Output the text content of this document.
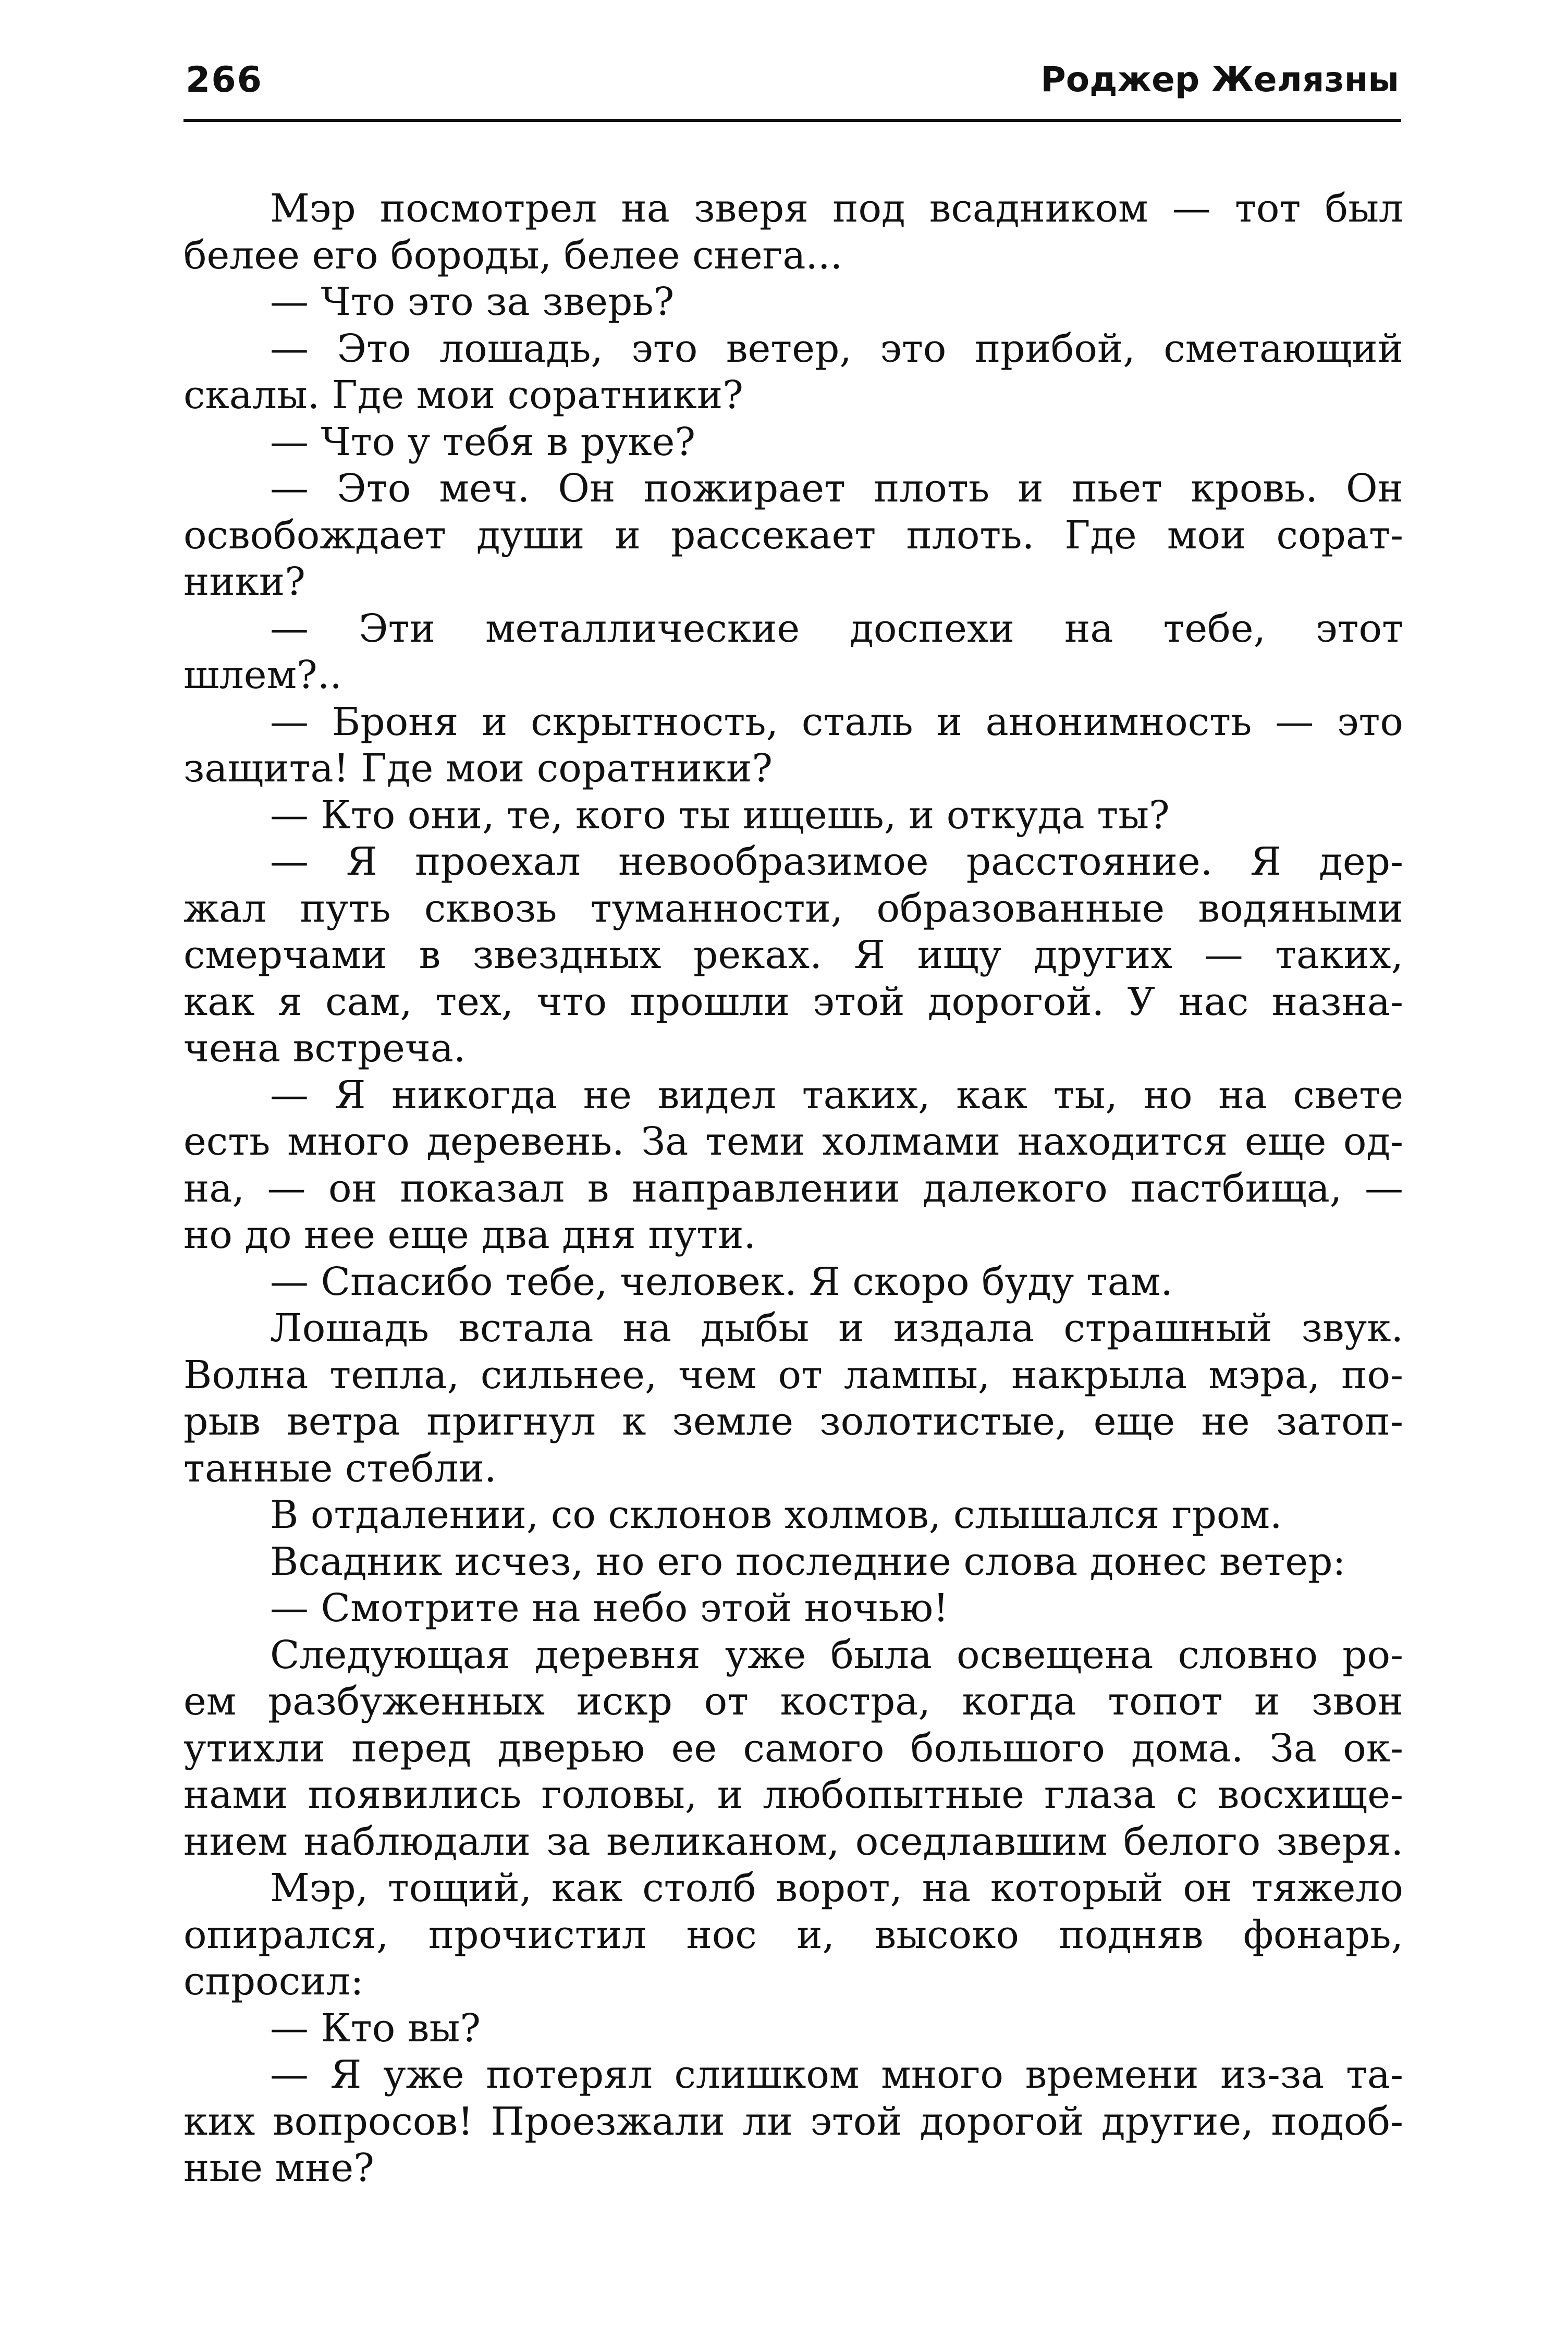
266	Роджер Желязны
Мэр посмотрел на зверя под всадником — тот был
белее его бороды, белее снега...
— Что это за зверь?
— Это лошадь, это ветер, это прибой, сметающий
скалы. Где мои соратники?
— Что у тебя в руке?
— Это меч. Он пожирает плоть и пьет кровь. Он
освобождает души и рассекает плоть. Где мои сорат-
ники?
— Эти металлические доспехи на тебе, этот
шлем?..
— Броня и скрытность, сталь и анонимность — это
защита! Где мои соратники?
— Кто они, те, кого ты ищешь, и откуда ты?
— Я проехал невообразимое расстояние. Я дер-
жал путь сквозь туманности, образованные водяными
смерчами в звездных реках. Я ищу других — таких,
как я сам, тех, что прошли этой дорогой. У нас назна-
чена встреча.
— Я никогда не видел таких, как ты, но на свете
есть много деревень. За теми холмами находится еще од-
на, — он показал в направлении далекого пастбища, —
но до нее еще два дня пути.
— Спасибо тебе, человек. Я скоро буду там.
Лошадь встала на дыбы и издала страшный звук.
Волна тепла, сильнее, чем от лампы, накрыла мэра, по-
рыв ветра пригнул к земле золотистые, еще не затоп-
танные стебли.
В отдалении, со склонов холмов, слышался гром.
Всадник исчез, но его последние слова донес ветер:
— Смотрите на небо этой ночью!
Следующая деревня уже была освещена словно ро-
ем разбуженных искр от костра, когда топот и звон
утихли перед дверью ее самого большого дома. За ок-
нами появились головы, и любопытные глаза с восхище-
нием наблюдали за великаном, оседлавшим белого зверя.
Мэр, тощий, как столб ворот, на который он тяжело
опирался, прочистил нос и, высоко подняв фонарь,
спросил:
— Кто вы?
— Я уже потерял слишком много времени из-за та-
ких вопросов! Проезжали ли этой дорогой другие, подоб-
ные мне?
